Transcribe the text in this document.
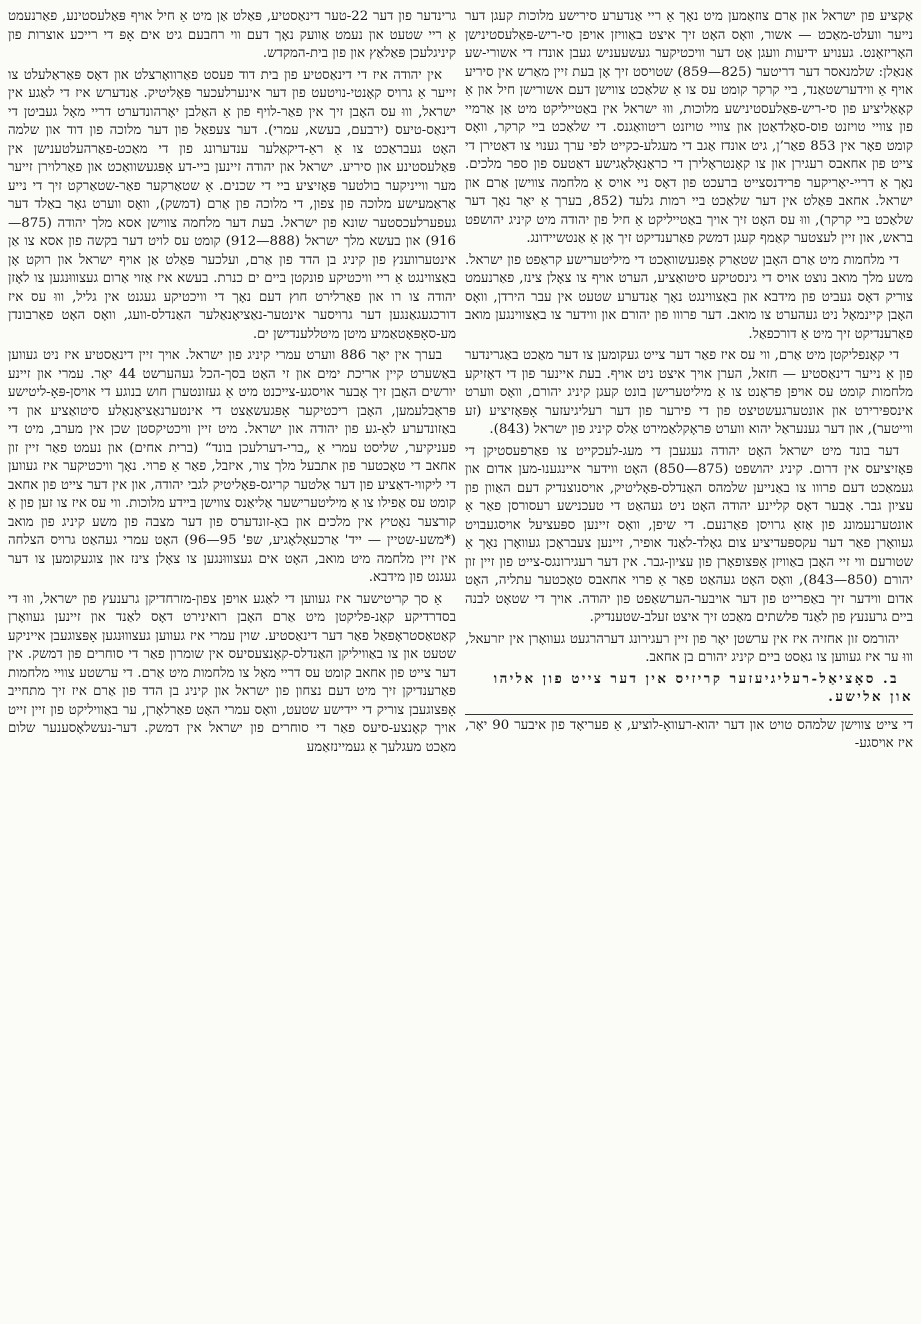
גרינדער פון דער 22-טער דינאַסטיע, פּאַלט אַן מיט אַ חיל אויף פּאַלעסטינע, פאַרנעמט אַ ריי שטעט און נעמט אַוועק נאָך דעם ווי רחבעם גיט אים אָפּ די רייכע אוצרות פון קיניגלעכן פּאַלאַץ און פון בית-המקדש.

אין יהודה איז די דינאַסטיע פון בית דוד פעסט פאַרוואָרצלט און דאָס פּאַראַלעלט צו זייער אַ גרויס קאָנטי-נויטעט פון דער אינערלעכער פּאָליטיק. אַנדערש איז די לאַגע אין ישראל, וווּ עס האָבן זיך אין פאַר-לויף פון אַ האַלבן יאָרהונדערט דריי מאָל געביטן די דינאַס-טיעס (ירבעם, בעשא, עמרי). דער צעפאַל פון דער מלוכה פון דוד און שלמה האָט געבראַכט צו אַ ראַ-דיקאַלער ענדערונג פון די מאַכט-פאַרהעלטענישן אין פּאַלעסטינע און סיריע. ישראל און יהודה זיינען ביי-דע אָפּגעשוואַכט און פאַרלוירן זייער מער ווייניקער בולטער פּאָזיציע ביי די שכנים. אַ שטאַרקער פאַר-שטאַרקט זיך די נייע אַראַמעישע מלוכה פון צפון, די מלוכה פון אַרם (דמשק), וואָס ווערט גאָר באַלד דער געפערלעכסטער שונא פון ישראל. בעת דער מלחמה צווישן אסא מלך יהודה (875—916) און בעשא מלך ישראל (888—912) קומט עס לויט דער בקשה פון אסא צו אַן אינטערווענץ פון קיניג בן הדד פון אַרם, ועלכער פּאַלט אַן אויף ישראל און רוקט אָן באַצווינגט אַ ריי וויכטיקע פונקטן ביים ים כנרת. בעשא איז אַזוי אַרום געצוווּנגען צו לאָזן יהודה צו רו און פאַרלירט חוץ דעם נאָך די וויכטיקע געגנט אין גליל, וווּ עס איז דורכגעגאַנגען דער גרויסער אינטער-נאַציאָנאַלער האַנדלס-וועג, וואָס האָט פאַרבונדן מע-סאָפּאָטאַמיע מיטן מיטללענדישן ים.

בערך אין יאָר 886 ווערט עמרי קיניג פון ישראל. אויך זיין דינאַסטיע איז ניט געווען באַשערט קיין אריכת ימים און זי האָט בסך-הכל געהערשט 44 יאָר. עמרי און זיינע יורשים האָבן זיך אָבער אויסגע-צייכנט מיט אַ געזונטערן חוש בנוגע די אויסן-פּאָ-ליטישע פּראָבלעמען, האָבן ריכטיקער אָפּגעשאַצט די אינטערנאַציאָנאַלע סיטואַציע און די באַזונדערע לאַ-גע פון יהודה און ישראל. מיט זיין וויכטיקסטן שכן אין מערב, מיט די פעניקיער, שליסט עמרי אַ „ברי-דערלעכן בונד“ (ברית אחים) און נעמט פאַר זיין זון אחאב די טאָכטער פון אתבעל מלך צור, איזבל, פאַר אַ פרוי. נאָך וויכטיקער איז געווען די ליקווי-דאַציע פון דער אַלטער קריגס-פּאָליטיק לגבי יהודה, און אין דער צייט פון אחאב קומט עס אַפילו צו אַ מיליטערישער אַליאַנס צווישן ביידע מלוכות. ווי עס איז צו זען פון אַ קורצער נאָטיץ אין מלכים און באַ-זונדערס פון דער מצבה פון משע קיניג פון מואב (*משע-שטיין — ייד' אַרכעאָלאָגיע, שפּ' 95—96) האָט עמרי געהאַט גרויס הצלחה אין זיין מלחמה מיט מואב, האָט אים געצוווּנגען צו צאָלן צינז און צוגעקומען צו דער געגנט פון מידבא.

אַ סך קריטישער איז געווען די לאַגע אויפן צפון-מזרחדיקן גרענעץ פון ישראל, וווּ די בסדרדיקע קאָנ-פליקטן מיט אַרם האָבן רואינירט דאָס לאַנד און זיינען געוואָרן קאַטאַסטראָפאַל פאַר דער דינאַסטיע. שוין עמרי איז געווען געצוווּנגען אָפּצוגעבן אייניקע שטעט און צו באַוויליקן האַנדלס-קאָנצעסיעס אין שומרון פאַר די סוחרים פון דמשק. אין דער צייט פון אחאב קומט עס דריי מאָל צו מלחמות מיט אַרם. די ערשטע צוויי מלחמות פאַרענדיקן זיך מיט דעם נצחון פון ישראל און קיניג בן הדד פון אַרם איז זיך מתחייב אָפּצוגעבן צוריק די יידישע שטעט, וואָס עמרי האָט פאַרלאָרן, ער באַוויליקט פון זיין זייט אויך קאָנצע-סיעס פאַר די סוחרים פון ישראל אין דמשק. דער-נעשלאָסענער שלום מאַכט מעגלעך אַ געמיינזאַמע

אַקציע פון ישראל און אַרם צוזאַמען מיט נאָך אַ ריי אַנדערע סירישע מלוכות קעגן דער נייער וועלט-מאַכט — אשור, וואָס האָט זיך איצט באַוויזן אויפן סי-ריש-פּאַלעסטינישן האָריזאָנט. גענויע ידיעות וועגן אַט דער וויכטיקער געשעעניש געבן אונדז די אשורי-שע אַנאַלן: שלמנאסר דער דריטער (825—859) שטויסט זיך אָן בעת זיין מאַרש אין סיריע אויף אַ ווידערשטאַנד, ביי קרקר קומט עס צו אַ שלאַכט צווישן דעם אשורישן חיל און אַ קאָאַליציע פון סי-ריש-פּאַלעסטינישע מלוכות, וווּ ישראל אין באַטייליקט מיט אַן אַרמיי פון צוויי טויזנט פוס-סאָלדאַטן און צוויי טויזנט ריטוואַגנס. די שלאַכט ביי קרקר, וואָס קומט פאָר אין 853 פאַר’ן, גיט אונדז אַגב די מעגלע-כקייט לפי ערך גענוי צו דאַטירן די צייט פון אחאבס רעגירן און צו קאָנטראָלירן די כראָנאָלאָגישע דאַטעס פון ספר מלכים. נאָך אַ דריי-יאָריקער פרידנסצייט ברעכט פון דאָס ניי אויס אַ מלחמה צווישן אַרם און ישראל. אחאב פּאַלט אין דער שלאַכט ביי רמות גלעד (852, בערך אַ יאָר נאָך דער שלאַכט ביי קרקר), וווּ עס האָט זיך אויך באַטייליקט אַ חיל פון יהודה מיט קיניג יהושפט בראש, און זיין לעצטער קאַמף קעגן דמשק פאַרענדיקט זיך אָן אַ אַנטשיידונג.

די מלחמות מיט אַרם האָבן שטאַרק אָפּגעשוואַכט די מיליטערישע קראַפט פון ישראל. משע מלך מואב נוצט אויס די גינסטיקע סיטואַציע, הערט אויף צו צאָלן צינז, פאַרנעמט צוריק דאָס געביט פון מידבא און באַצווינגט נאָך אַנדערע שטעט אין עבר הירדן, וואָס האָבן קיינמאָל ניט געהערט צו מואב. דער פרווו פון יהורם און ווידער צו באַצווינגען מואב פאַרענדיקט זיך מיט אַ דורכפאַל.

די קאָנפליקטן מיט אַרם, ווי עס איז פאַר דער צייט געקומען צו דער מאַכט באַגרינדער פון אַ נייער דינאַסטיע — חזאל, הערן אויך איצט ניט אויף. בעת איינער פון די דאָזיקע מלחמות קומט עס אויפן פראָנט צו אַ מיליטערישן בונט קעגן קיניג יהורם, וואָס ווערט אינספּירירט און אונטערגעשטיצט פון די פירער פון דער רעליגיעזער אָפּאָזיציע (זע ווייטער), און דער גענעראַל יהוא ווערט פּראָקלאַמירט אַלס קיניג פון ישראל (843).

דער בונד מיט ישראל האָט יהודה געגעבן די מעג-לעכקייט צו פאַרפעסטיקן די פּאָזיציעס אין דרום. קיניג יהושפט (875—850) האָט ווידער איינגענו-מען אדום און געמאַכט דעם פרווו צו באַנייען שלמהס האַנדלס-פּאָליטיק, אויסנוצנדיק דעם האַוון פון עציון גבר. אָבער דאָס קליינע יהודה האָט ניט געהאַט די טעכנישע רעסורסן פאַר אַ אונטערנעמונג פון אַזאַ גרויסן פאַרנעם. די שיפן, וואָס זיינען ספּעציעל אויסגעבויט געוואָרן פאַר דער עקספּעדיציע צום גאָלד-לאַנד אופיר, זיינען צעבראָכן געוואָרן נאָך אַ שטורעם ווי זיי האָבן באַוויזן אַפּצופאָרן פון עציון-גבר. אין דער רעגירונגס-צייט פון זיין זון יהורם (850—843), וואָס האָט געהאַט פאַר אַ פרוי אחאבס טאָכטער עתליה, האָט אדום ווידער זיך באַפרייט פון דער אויבער-הערשאַפט פון יהודה. אויך די שטאָט לבנה ביים גרענעץ פון לאַנד פלשתים מאַכט זיך איצט זעלב-שטענדיק.

יהורמס זון אחזיה איז אין ערשטן יאָר פון זיין רעגירונג דערהרגעט געוואָרן אין יזרעאל, וווּ ער איז געווען צו גאַסט ביים קיניג יהורם בן אחאב.

ב. סאָציאַל-רעליגיעזער קריזיס אין דער צייט פון אליהו און אלישע.

די צייט צווישן שלמהס טויט און דער יהוא-רעוואָ-לוציע, אַ פעריאָד פון איבער 90 יאָר, איז אויסגע-
